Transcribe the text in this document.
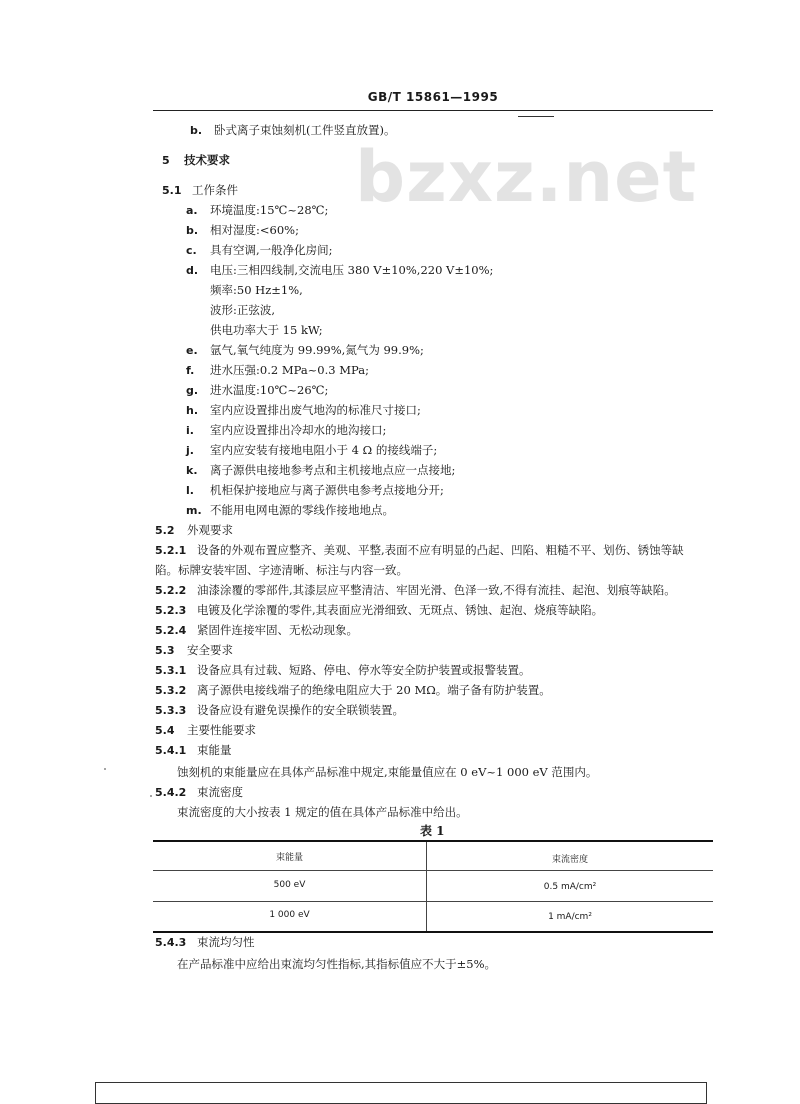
GB/T 15861—1995
bzxz.net
b. 卧式离子束蚀刻机(工件竖直放置)。
5 技术要求
5.1 工作条件
a. 环境温度:15℃~28℃;
b. 相对湿度:<60%;
c. 具有空调,一般净化房间;
d. 电压:三相四线制,交流电压 380 V±10%,220 V±10%;
频率:50 Hz±1%,
波形:正弦波,
供电功率大于 15 kW;
e. 氩气,氧气纯度为 99.99%,氮气为 99.9%;
f. 进水压强:0.2 MPa~0.3 MPa;
g. 进水温度:10℃~26℃;
h. 室内应设置排出废气地沟的标准尺寸接口;
i. 室内应设置排出冷却水的地沟接口;
j. 室内应安装有接地电阻小于 4 Ω 的接线端子;
k. 离子源供电接地参考点和主机接地点应一点接地;
l. 机柜保护接地应与离子源供电参考点接地分开;
m. 不能用电网电源的零线作接地地点。
5.2 外观要求
5.2.1 设备的外观布置应整齐、美观、平整,表面不应有明显的凸起、凹陷、粗糙不平、划伤、锈蚀等缺
陷。标牌安装牢固、字迹清晰、标注与内容一致。
5.2.2 油漆涂覆的零部件,其漆层应平整清洁、牢固光滑、色泽一致,不得有流挂、起泡、划痕等缺陷。
5.2.3 电镀及化学涂覆的零件,其表面应光滑细致、无斑点、锈蚀、起泡、烧痕等缺陷。
5.2.4 紧固件连接牢固、无松动现象。
5.3 安全要求
5.3.1 设备应具有过载、短路、停电、停水等安全防护装置或报警装置。
5.3.2 离子源供电接线端子的绝缘电阻应大于 20 MΩ。端子备有防护装置。
5.3.3 设备应设有避免误操作的安全联锁装置。
5.4 主要性能要求
5.4.1 束能量
蚀刻机的束能量应在具体产品标准中规定,束能量值应在 0 eV~1 000 eV 范围内。
5.4.2 束流密度
束流密度的大小按表 1 规定的值在具体产品标准中给出。
表 1
束能量	束流密度
500 eV	0.5 mA/cm²
1 000 eV	1 mA/cm²
5.4.3 束流均匀性
在产品标准中应给出束流均匀性指标,其指标值应不大于±5%。
